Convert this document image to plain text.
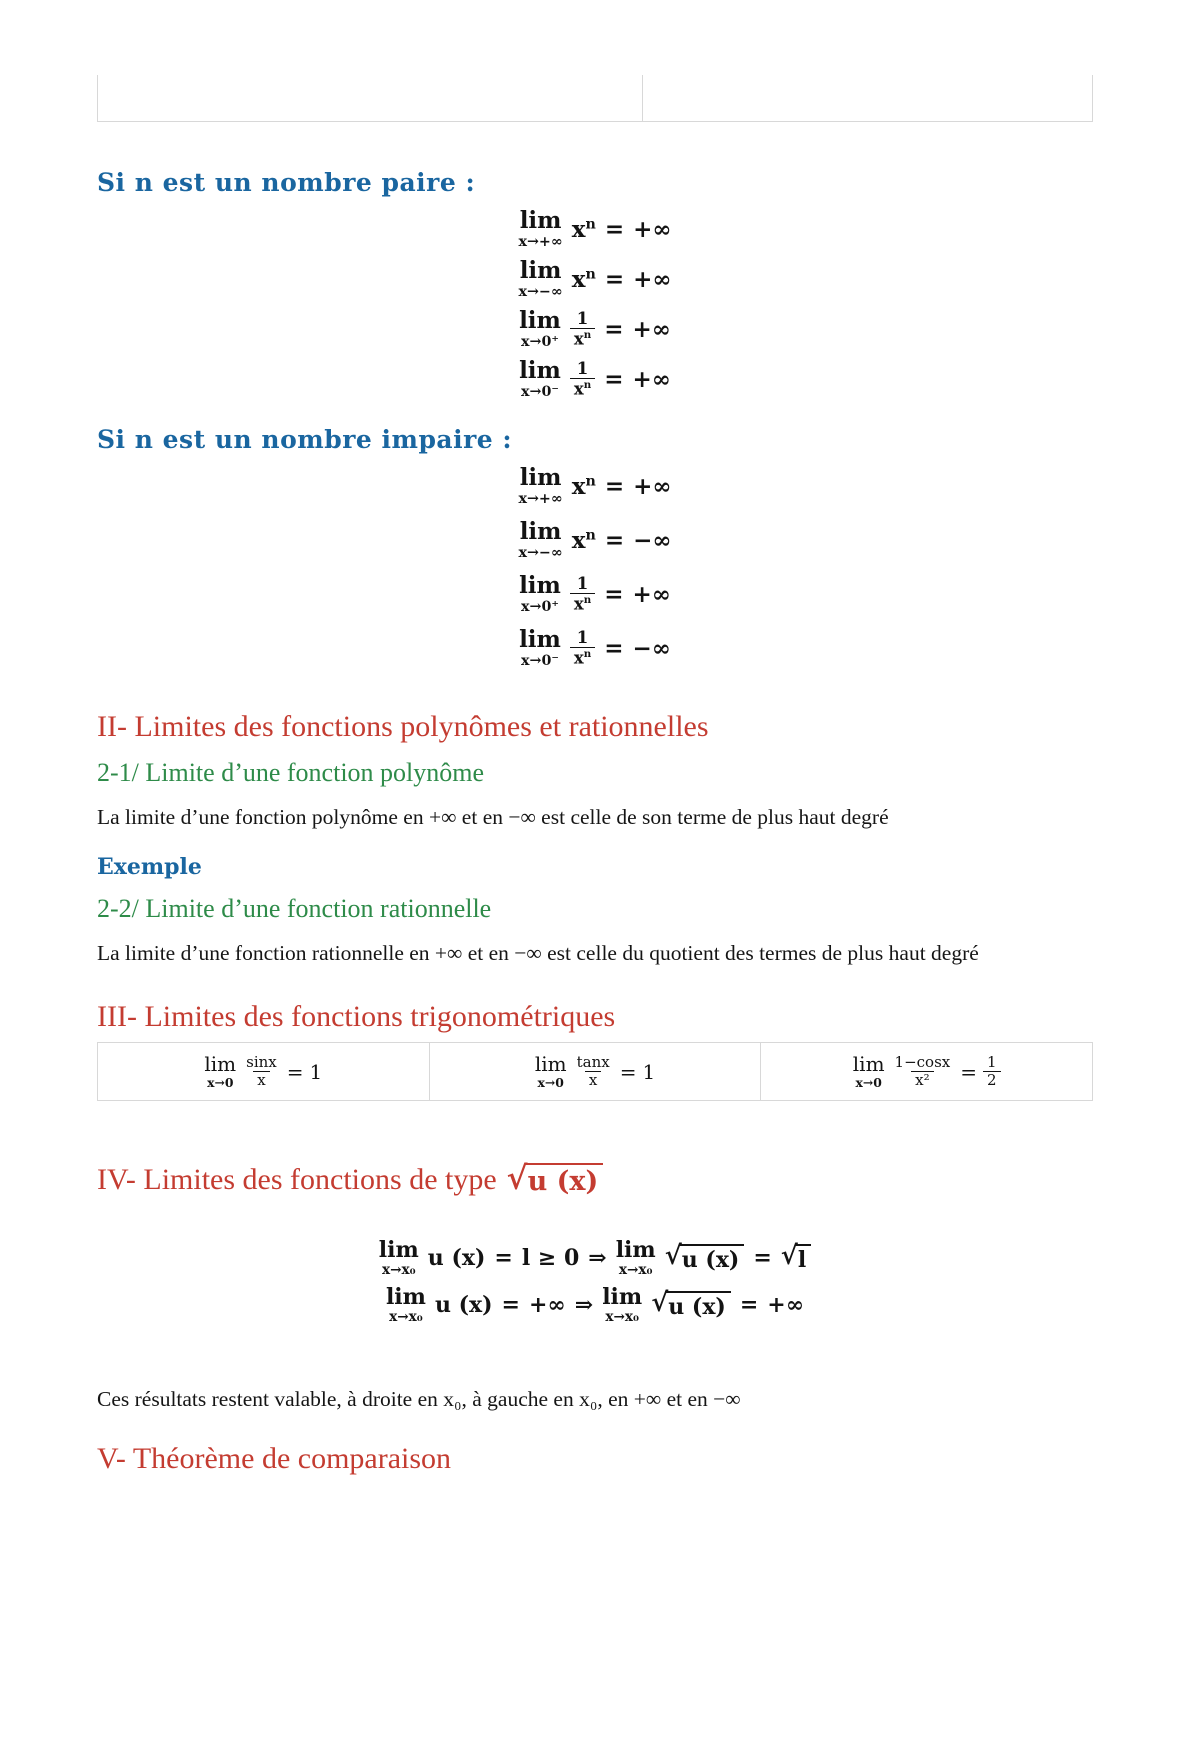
Si n est un nombre paire :
lim
x→+∞ $x^n$ = +∞
lim
x→−∞ $x^n$ = +∞
lim
$x\to 0^+ \frac{1}{x^n}$ = +∞
lim
$x\to 0^- \frac{1}{x^n}$ = +∞
Si n est un nombre impaire :
lim
x→+∞ $x^n$ = +∞
lim
x→−∞ $x^n$ = −∞
lim
$x\to 0^+ \frac{1}{x^n}$ = +∞
lim
$x\to 0^- \frac{1}{x^n}$ = −∞
II- Limites des fonctions polynômes et rationnelles
2-1/ Limite d’une fonction polynôme

La limite d’une fonction polynôme en +∞ et en −∞ est celle de son terme de plus haut degré

Exemple
2-2/ Limite d’une fonction rationnelle

La limite d’une fonction rationnelle en +∞ et en −∞ est celle du quotient des termes de plus haut degré

III- Limites des fonctions trigonométriques
lim
$x\to 0 \frac{\sin x}{x} = 1$	lim
$x\to 0 \frac{\tan x}{x} = 1$	lim
$x\to 0 \frac{1-\cos x}{\text{x²}} = \frac{1}{2}$
IV- Limites des fonctions de type √ u (x)
lim
x→x₀ u (x) = l ≥ 0 ⇒ lim
x→x₀ √ u (x) = √ l
lim
x→x₀ u (x) = +∞ ⇒ lim
x→x₀ √ u (x) = +∞

Ces résultats restent valable, à droite en x₀, à gauche en x₀, en +∞ et en −∞

V- Théorème de comparaison
